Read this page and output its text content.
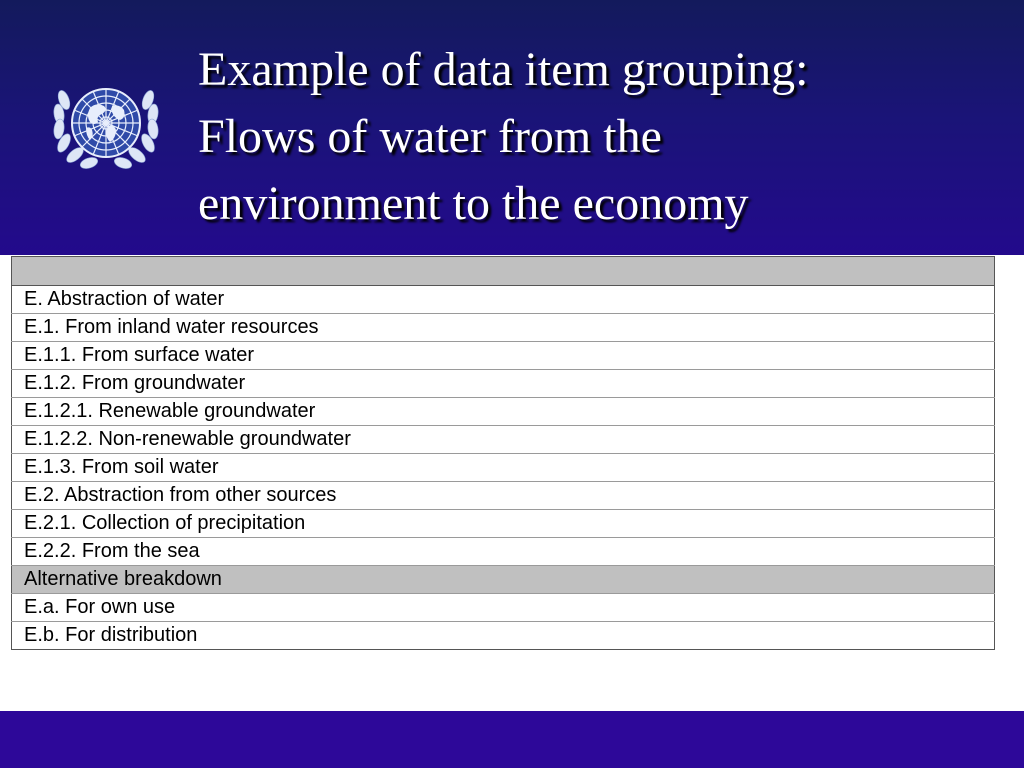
Example of data item grouping:
Flows of water from the
environment to the economy

E. Abstraction of water
E.1. From inland water resources
E.1.1. From surface water
E.1.2. From groundwater
E.1.2.1. Renewable groundwater
E.1.2.2. Non-renewable groundwater
E.1.3. From soil water
E.2. Abstraction from other sources
E.2.1. Collection of precipitation
E.2.2. From the sea
Alternative breakdown
E.a. For own use
E.b. For distribution
